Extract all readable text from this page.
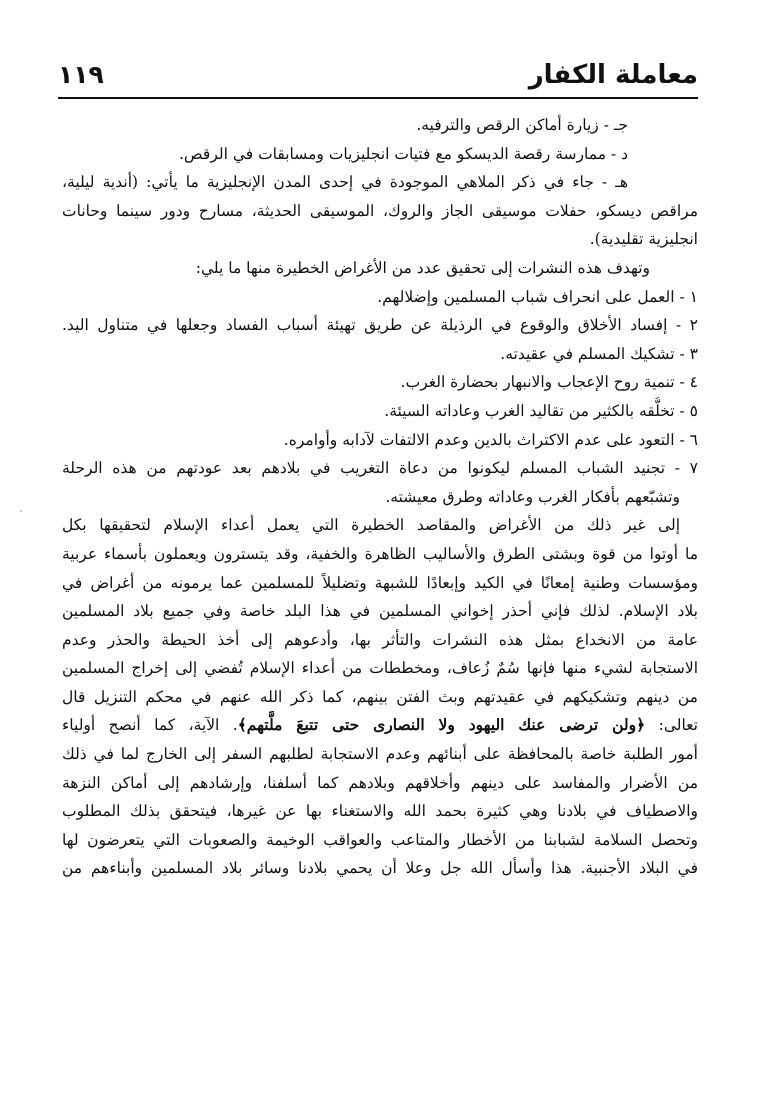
معاملة الكفار
١١٩
جـ - زيارة أماكن الرقص والترفيه.
د - ممارسة رقصة الديسكو مع فتيات انجليزيات ومسابقات في الرقص.
هـ - جاء في ذكر الملاهي الموجودة في إحدى المدن الإنجليزية ما يأتي: (أندية ليلية،
مراقص ديسكو، حفلات موسيقى الجاز والروك، الموسيقى الحديثة، مسارح ودور سينما وحانات
انجليزية تقليدية).
وتهدف هذه النشرات إلى تحقيق عدد من الأغراض الخطيرة منها ما يلي:
١ - العمل على انحراف شباب المسلمين وإضلالهم.
٢ - إفساد الأخلاق والوقوع في الرذيلة عن طريق تهيئة أسباب الفساد وجعلها في متناول اليد.
٣ - تشكيك المسلم في عقيدته.
٤ - تنمية روح الإعجاب والانبهار بحضارة الغرب.
٥ - تخلُّقه بالكثير من تقاليد الغرب وعاداته السيئة.
٦ - التعود على عدم الاكتراث بالدين وعدم الالتفات لآدابه وأوامره.
٧ - تجنيد الشباب المسلم ليكونوا من دعاة التغريب في بلادهم بعد عودتهم من هذه الرحلة
وتشبّعهم بأفكار الغرب وعاداته وطرق معيشته.
إلى غير ذلك من الأغراض والمقاصد الخطيرة التي يعمل أعداء الإسلام لتحقيقها بكل
ما أوتوا من قوة وبشتى الطرق والأساليب الظاهرة والخفية، وقد يتسترون ويعملون بأسماء عربية
ومؤسسات وطنية إمعانًا في الكيد وإبعادًا للشبهة وتضليلاً للمسلمين عما يرمونه من أغراض في
بلاد الإسلام. لذلك فإني أحذر إخواني المسلمين في هذا البلد خاصة وفي جميع بلاد المسلمين
عامة من الانخداع بمثل هذه النشرات والتأثر بها، وأدعوهم إلى أخذ الحيطة والحذر وعدم
الاستجابة لشيء منها فإنها سُمٌ زُعاف، ومخططات من أعداء الإسلام تُفضي إلى إخراج المسلمين
من دينهم وتشكيكهم في عقيدتهم وبث الفتن بينهم، كما ذكر الله عنهم في محكم التنزيل قال
تعالى: ﴿ولن ترضى عنك اليهود ولا النصارى حتى تتبعَ ملَّتهم﴾. الآية، كما أنصح أولياء
أمور الطلبة خاصة بالمحافظة على أبنائهم وعدم الاستجابة لطلبهم السفر إلى الخارج لما في ذلك
من الأضرار والمفاسد على دينهم وأخلاقهم وبلادهم كما أسلفنا، وإرشادهم إلى أماكن النزهة
والاصطياف في بلادنا وهي كثيرة بحمد الله والاستغناء بها عن غيرها، فيتحقق بذلك المطلوب
وتحصل السلامة لشبابنا من الأخطار والمتاعب والعواقب الوخيمة والصعوبات التي يتعرضون لها
في البلاد الأجنبية. هذا وأسأل الله جل وعلا أن يحمي بلادنا وسائر بلاد المسلمين وأبناءهم من
